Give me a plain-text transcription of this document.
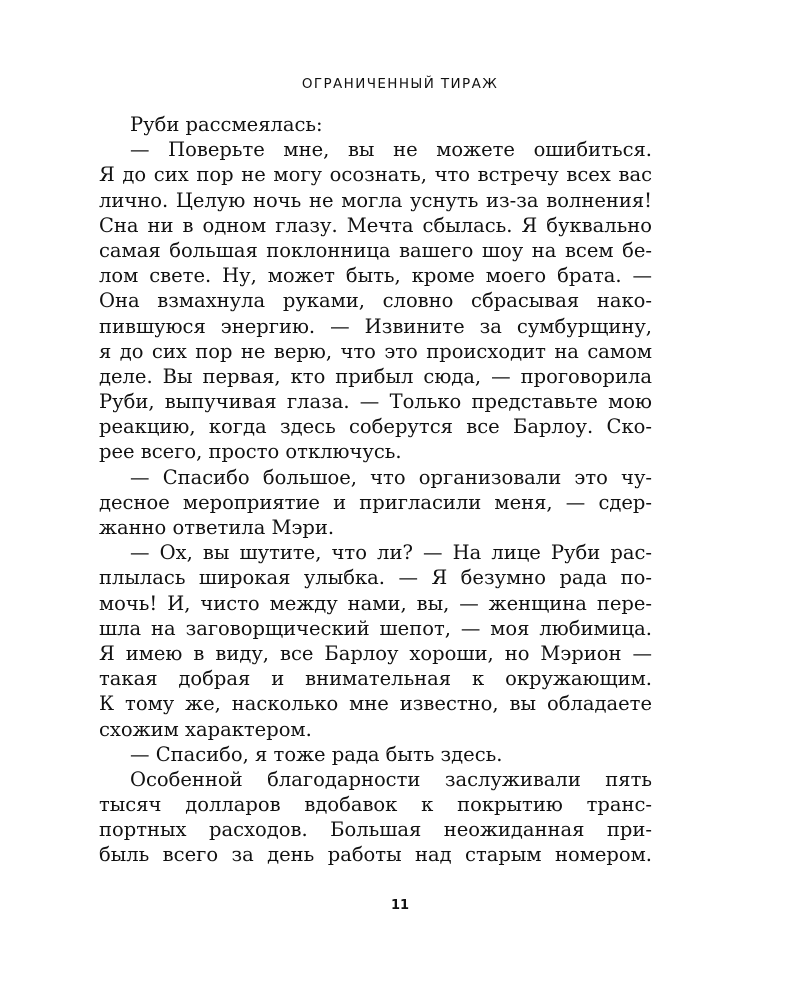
ОГРАНИЧЕННЫЙ ТИРАЖ
Руби рассмеялась:
— Поверьте мне, вы не можете ошибиться.
Я до сих пор не могу осознать, что встречу всех вас
лично. Целую ночь не могла уснуть из-за волнения!
Сна ни в одном глазу. Мечта сбылась. Я буквально
самая большая поклонница вашего шоу на всем бе-
лом свете. Ну, может быть, кроме моего брата. —
Она взмахнула руками, словно сбрасывая нако-
пившуюся энергию. — Извините за сумбурщину,
я до сих пор не верю, что это происходит на самом
деле. Вы первая, кто прибыл сюда, — проговорила
Руби, выпучивая глаза. — Только представьте мою
реакцию, когда здесь соберутся все Барлоу. Ско-
рее всего, просто отключусь.
— Спасибо большое, что организовали это чу-
десное мероприятие и пригласили меня, — сдер-
жанно ответила Мэри.
— Ох, вы шутите, что ли? — На лице Руби рас-
плылась широкая улыбка. — Я безумно рада по-
мочь! И, чисто между нами, вы, — женщина пере-
шла на заговорщический шепот, — моя любимица.
Я имею в виду, все Барлоу хороши, но Мэрион —
такая добрая и внимательная к окружающим.
К тому же, насколько мне известно, вы обладаете
схожим характером.
— Спасибо, я тоже рада быть здесь.
Особенной благодарности заслуживали пять
тысяч долларов вдобавок к покрытию транс-
портных расходов. Большая неожиданная при-
быль всего за день работы над старым номером.
11
